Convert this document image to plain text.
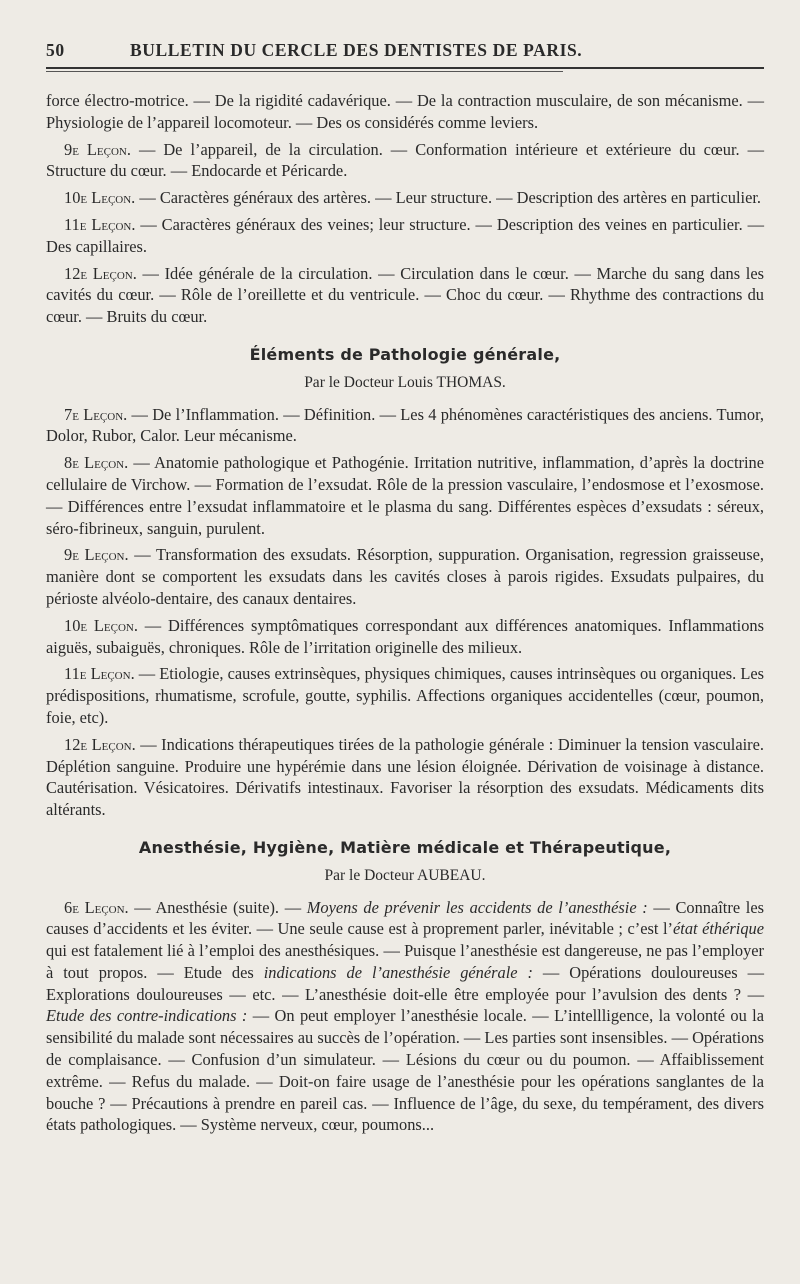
50	BULLETIN DU CERCLE DES DENTISTES DE PARIS.

force électro-motrice. — De la rigidité cadavérique. — De la contraction musculaire, de son mécanisme. — Physiologie de l’appareil locomoteur. — Des os considérés comme leviers.

9e Leçon. — De l’appareil, de la circulation. — Conformation intérieure et extérieure du cœur. — Structure du cœur. — Endocarde et Péricarde.

10e Leçon. — Caractères généraux des artères. — Leur structure. — Description des artères en particulier.

11e Leçon. — Caractères généraux des veines; leur structure. — Description des veines en particulier. — Des capillaires.

12e Leçon. — Idée générale de la circulation. — Circulation dans le cœur. — Marche du sang dans les cavités du cœur. — Rôle de l’oreillette et du ventricule. — Choc du cœur. — Rhythme des contractions du cœur. — Bruits du cœur.

Éléments de Pathologie générale,
Par le Docteur Louis THOMAS.

7e Leçon. — De l’Inflammation. — Définition. — Les 4 phénomènes caractéristiques des anciens. Tumor, Dolor, Rubor, Calor. Leur mécanisme.

8e Leçon. — Anatomie pathologique et Pathogénie. Irritation nutritive, inflammation, d’après la doctrine cellulaire de Virchow. — Formation de l’exsudat. Rôle de la pression vasculaire, l’endosmose et l’exosmose. — Différences entre l’exsudat inflammatoire et le plasma du sang. Différentes espèces d’exsudats : séreux, séro-fibrineux, sanguin, purulent.

9e Leçon. — Transformation des exsudats. Résorption, suppuration. Organisation, regression graisseuse, manière dont se comportent les exsudats dans les cavités closes à parois rigides. Exsudats pulpaires, du périoste alvéolo-dentaire, des canaux dentaires.

10e Leçon. — Différences symptômatiques correspondant aux différences anatomiques. Inflammations aiguës, subaiguës, chroniques. Rôle de l’irritation originelle des milieux.

11e Leçon. — Etiologie, causes extrinsèques, physiques chimiques, causes intrinsèques ou organiques. Les prédispositions, rhumatisme, scrofule, goutte, syphilis. Affections organiques accidentelles (cœur, poumon, foie, etc).

12e Leçon. — Indications thérapeutiques tirées de la pathologie générale : Diminuer la tension vasculaire. Déplétion sanguine. Produire une hypérémie dans une lésion éloignée. Dérivation de voisinage à distance. Cautérisation. Vésicatoires. Dérivatifs intestinaux. Favoriser la résorption des exsudats. Médicaments dits altérants.

Anesthésie, Hygiène, Matière médicale et Thérapeutique,
Par le Docteur AUBEAU.

6e Leçon. — Anesthésie (suite). — Moyens de prévenir les accidents de l’anesthésie : — Connaître les causes d’accidents et les éviter. — Une seule cause est à proprement parler, inévitable ; c’est l’état éthérique qui est fatalement lié à l’emploi des anesthésiques. — Puisque l’anesthésie est dangereuse, ne pas l’employer à tout propos. — Etude des indications de l’anesthésie générale : — Opérations douloureuses — Explorations douloureuses — etc. — L’anesthésie doit-elle être employée pour l’avulsion des dents ? — Etude des contre-indications : — On peut employer l’anesthésie locale. — L’intellligence, la volonté ou la sensibilité du malade sont nécessaires au succès de l’opération. — Les parties sont insensibles. — Opérations de complaisance. — Confusion d’un simulateur. — Lésions du cœur ou du poumon. — Affaiblissement extrême. — Refus du malade. — Doit-on faire usage de l’anesthésie pour les opérations sanglantes de la bouche ? — Précautions à prendre en pareil cas. — Influence de l’âge, du sexe, du tempérament, des divers états pathologiques. — Système nerveux, cœur, poumons...
